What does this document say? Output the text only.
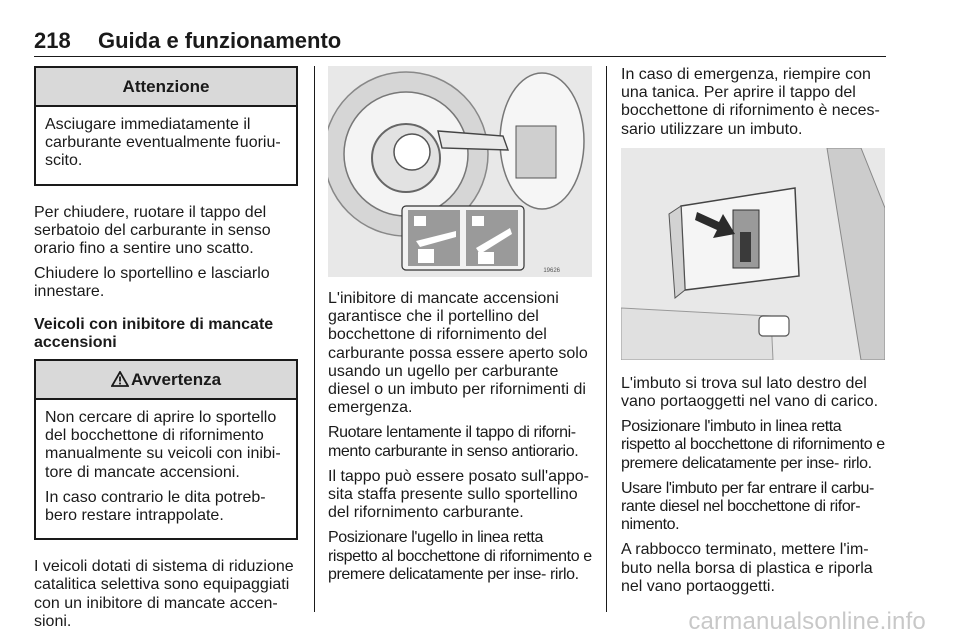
218 Guida e funzionamento
Attenzione

Asciugare immediatamente il carburante eventualmente fuoriu- scito.

Per chiudere, ruotare il tappo del serbatoio del carburante in senso orario fino a sentire uno scatto.

Chiudere lo sportellino e lasciarlo innestare.

Veicoli con inibitore di mancate accensioni

Avvertenza

Non cercare di aprire lo sportello del bocchettone di rifornimento manualmente su veicoli con inibi- tore di mancate accensioni.

In caso contrario le dita potreb- bero restare intrappolate.

I veicoli dotati di sistema di riduzione catalitica selettiva sono equipaggiati con un inibitore di mancate accen- sioni.

19626

L'inibitore di mancate accensioni garantisce che il portellino del bocchettone di rifornimento del carburante possa essere aperto solo usando un ugello per carburante diesel o un imbuto per rifornimenti di emergenza.

Ruotare lentamente il tappo di riforni- mento carburante in senso antiorario.

Il tappo può essere posato sull'appo- sita staffa presente sullo sportellino del rifornimento carburante.

Posizionare l'ugello in linea retta rispetto al bocchettone di rifornimento e premere delicatamente per inse- rirlo.

In caso di emergenza, riempire con una tanica. Per aprire il tappo del bocchettone di rifornimento è neces- sario utilizzare un imbuto.

L'imbuto si trova sul lato destro del vano portaoggetti nel vano di carico.

Posizionare l'imbuto in linea retta rispetto al bocchettone di rifornimento e premere delicatamente per inse- rirlo.

Usare l'imbuto per far entrare il carbu- rante diesel nel bocchettone di rifor- nimento.

A rabbocco terminato, mettere l'im- buto nella borsa di plastica e riporla nel vano portaoggetti.

carmanualsonline.info
